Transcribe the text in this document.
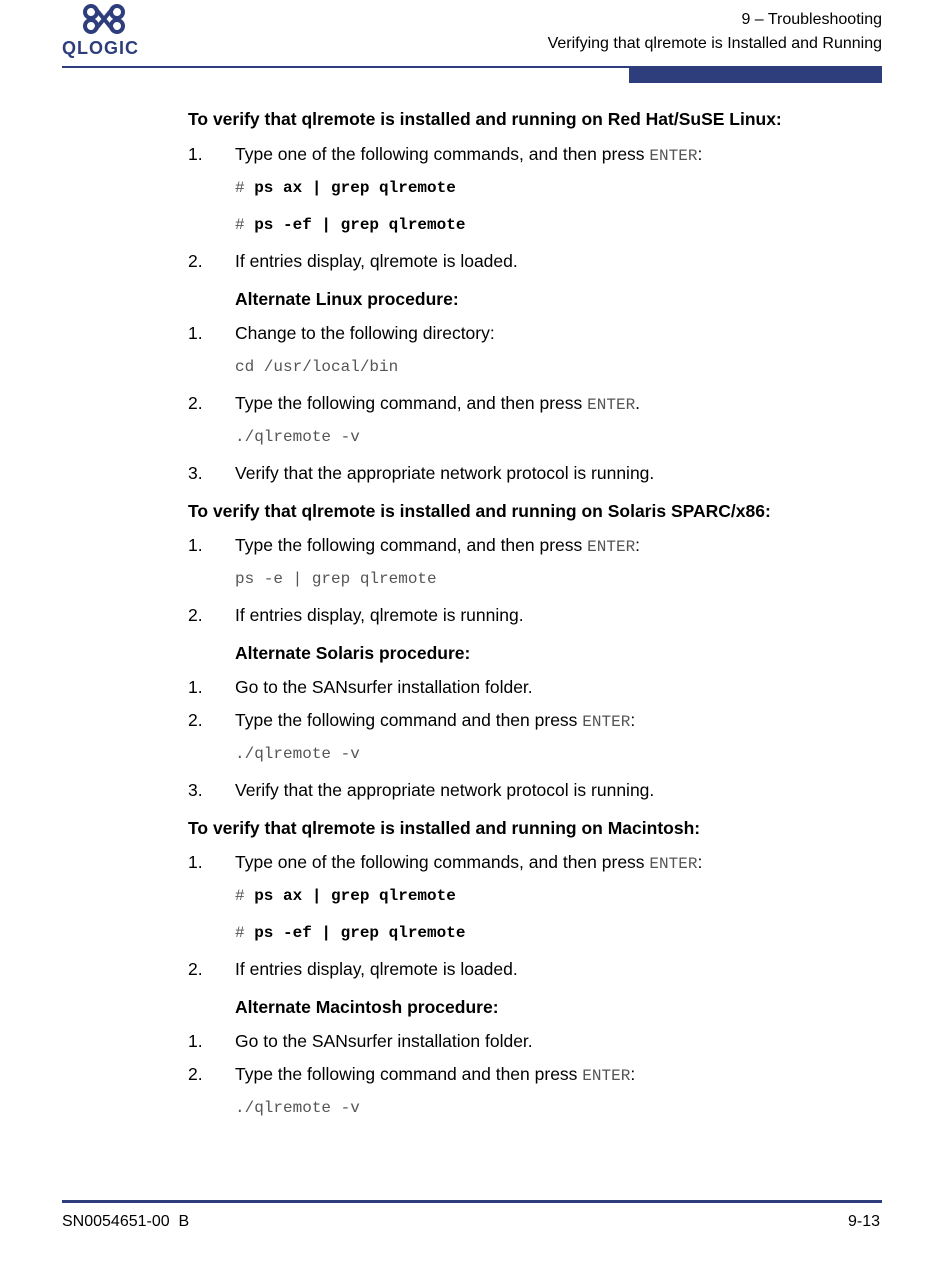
QLOGIC
9 – Troubleshooting
Verifying that qlremote is Installed and Running
To verify that qlremote is installed and running on Red Hat/SuSE Linux:
1. Type one of the following commands, and then press ENTER:
# ps ax | grep qlremote
# ps -ef | grep qlremote
2. If entries display, qlremote is loaded.
Alternate Linux procedure:
1. Change to the following directory:
cd /usr/local/bin
2. Type the following command, and then press ENTER.
./qlremote -v
3. Verify that the appropriate network protocol is running.
To verify that qlremote is installed and running on Solaris SPARC/x86:
1. Type the following command, and then press ENTER:
ps -e | grep qlremote
2. If entries display, qlremote is running.
Alternate Solaris procedure:
1. Go to the SANsurfer installation folder.
2. Type the following command and then press ENTER:
./qlremote -v
3. Verify that the appropriate network protocol is running.
To verify that qlremote is installed and running on Macintosh:
1. Type one of the following commands, and then press ENTER:
# ps ax | grep qlremote
# ps -ef | grep qlremote
2. If entries display, qlremote is loaded.
Alternate Macintosh procedure:
1. Go to the SANsurfer installation folder.
2. Type the following command and then press ENTER:
./qlremote -v
SN0054651-00  B	9-13
